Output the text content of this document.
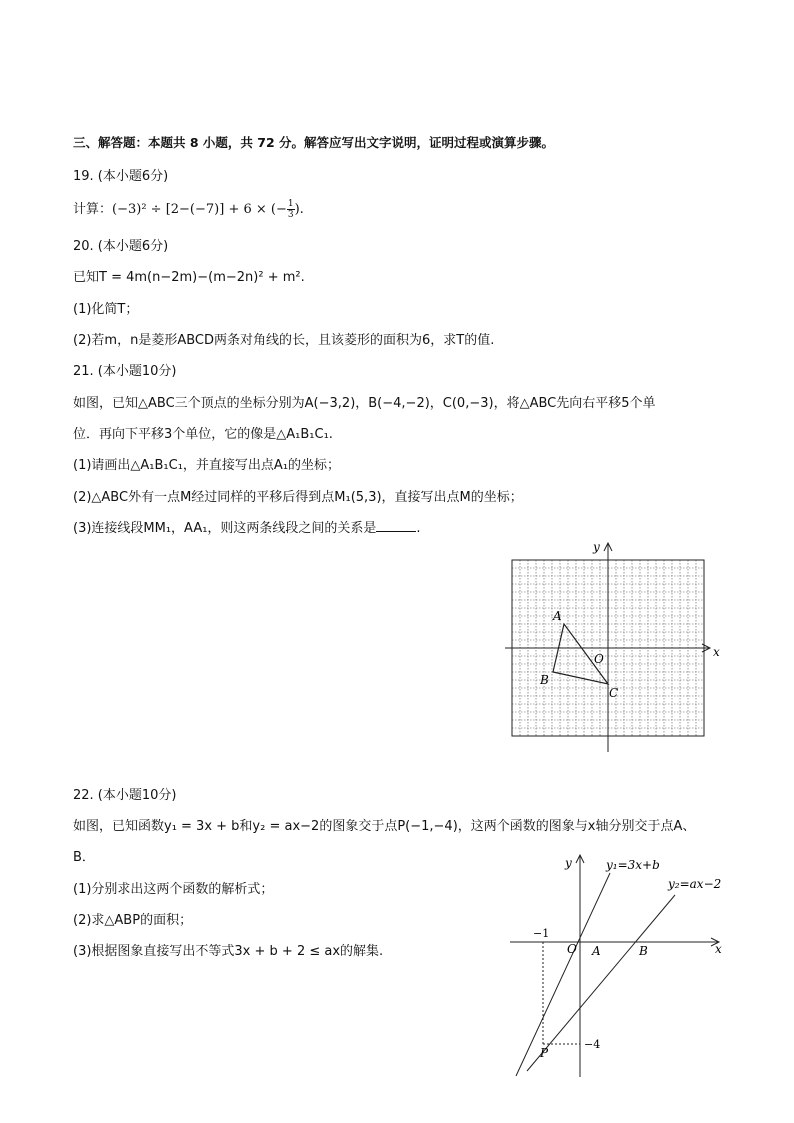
三、解答题：本题共 8 小题，共 72 分。解答应写出文字说明，证明过程或演算步骤。
19. (本小题6分)
计算：(−3)² ÷ [2−(−7)] + 6 × (− $\frac{1}{3}$ ).
20. (本小题6分)
已知T = 4m(n−2m)−(m−2n)² + m².
(1)化简T；
(2)若m，n是菱形ABCD两条对角线的长，且该菱形的面积为6，求T的值.
21. (本小题10分)
如图，已知△ABC三个顶点的坐标分别为A(−3,2)，B(−4,−2)，C(0,−3)，将△ABC先向右平移5个单
位．再向下平移3个单位，它的像是△A₁B₁C₁.
(1)请画出△A₁B₁C₁，并直接写出点A₁的坐标；
(2)△ABC外有一点M经过同样的平移后得到点M₁(5,3)，直接写出点M的坐标；
(3)连接线段MM₁，AA₁，则这两条线段之间的关系是	.
x
y
O
A
B
C
22. (本小题10分)
如图，已知函数y₁ = 3x + b和y₂ = ax−2的图象交于点P(−1,−4)，这两个函数的图象与x轴分别交于点A、
B．
(1)分别求出这两个函数的解析式；
(2)求△ABP的面积；
(3)根据图象直接写出不等式3x + b + 2 ≤ ax的解集.	x
y
O A	B
P
−1
−4
y₁=3x+b
y₂=ax−2
